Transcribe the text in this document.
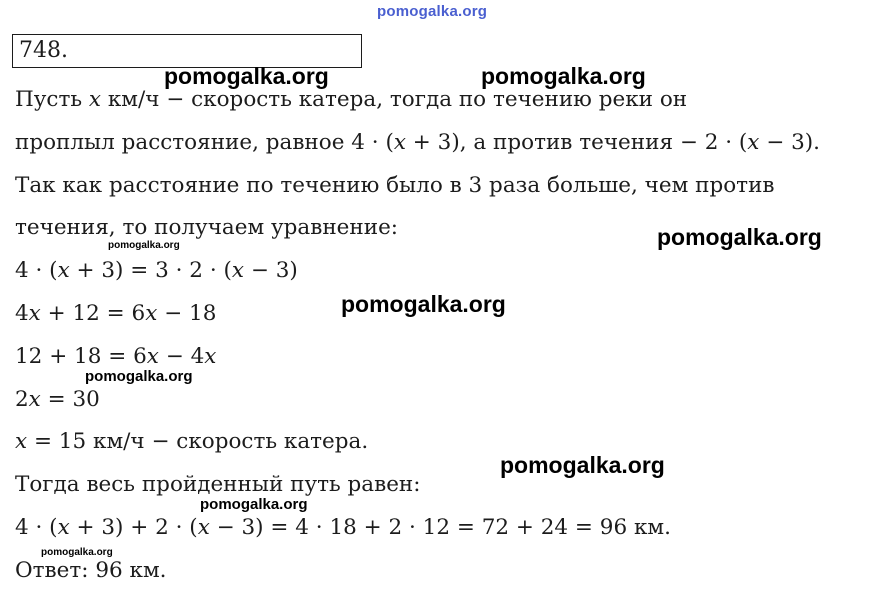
pomogalka.org
748.
Пусть 𝑥 км/ч − скорость катера, тогда по течению реки он
проплыл расстояние, равное 4 · (𝑥 + 3), а против течения − 2 · (𝑥 − 3).
Так как расстояние по течению было в 3 раза больше, чем против
течения, то получаем уравнение:
4 · (𝑥 + 3) = 3 · 2 · (𝑥 − 3)
4𝑥 + 12 = 6𝑥 − 18
12 + 18 = 6𝑥 − 4𝑥
2𝑥 = 30
𝑥 = 15 км/ч − скорость катера.
Тогда весь пройденный путь равен:
4 · (𝑥 + 3) + 2 · (𝑥 − 3) = 4 · 18 + 2 · 12 = 72 + 24 = 96 км.
Ответ: 96 км.
pomogalka.org	pomogalka.org
pomogalka.org
pomogalka.org
pomogalka.org
pomogalka.org
pomogalka.org
pomogalka.org
pomogalka.org
